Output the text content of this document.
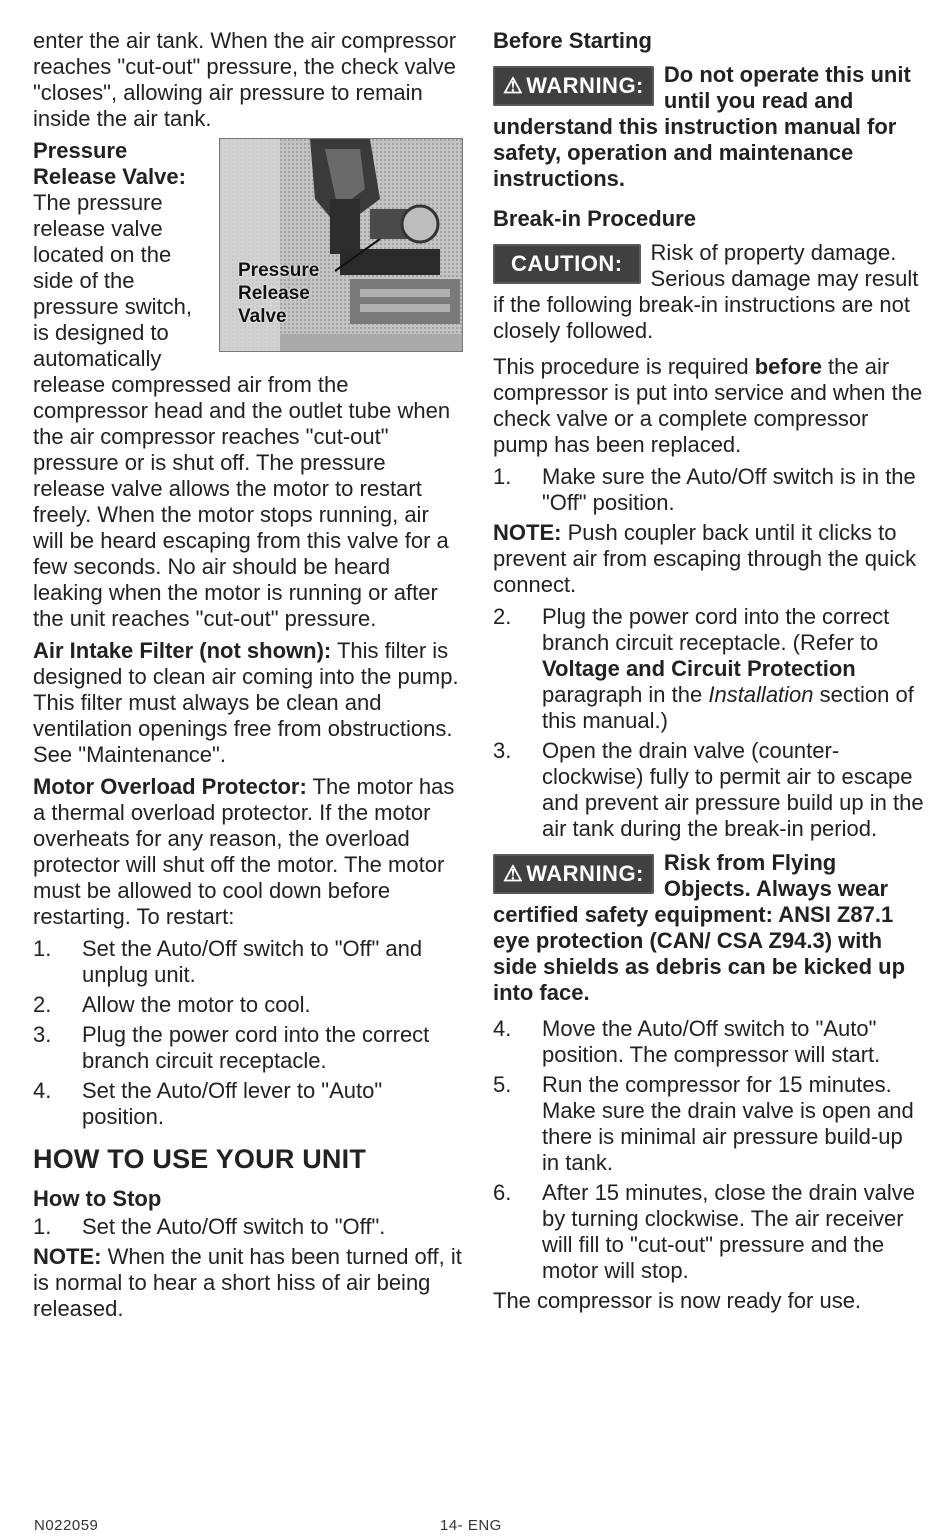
enter the air tank. When the air compressor reaches "cut-out" pressure, the check valve "closes", allowing air pressure to remain inside the air tank.

Pressure
Release
Valve

Pressure Release Valve: The pressure release valve located on the side of the pressure switch, is designed to automatically release compressed air from the compressor head and the outlet tube when the air compressor reaches "cut-out" pressure or is shut off. The pressure release valve allows the motor to restart freely. When the motor stops running, air will be heard escaping from this valve for a few seconds. No air should be heard leaking when the motor is running or after the unit reaches "cut-out" pressure.

Air Intake Filter (not shown): This filter is designed to clean air coming into the pump. This filter must always be clean and ventilation openings free from obstructions. See "Maintenance".

Motor Overload Protector: The motor has a thermal overload protector. If the motor overheats for any reason, the overload protector will shut off the motor. The motor must be allowed to cool down before restarting. To restart:

1. Set the Auto/Off switch to "Off" and unplug unit.
2. Allow the motor to cool.
3. Plug the power cord into the correct branch circuit receptacle.
4. Set the Auto/Off lever to "Auto" position.
HOW TO USE YOUR UNIT
How to Stop
1. Set the Auto/Off switch to "Off".

NOTE: When the unit has been turned off, it is normal to hear a short hiss of air being released.

Before Starting
⚠ WARNING: Do not operate this unit until you read and understand this instruction manual for safety, operation and maintenance instructions.
Break-in Procedure
CAUTION:	Risk of property damage. Serious damage may result if the following break-in instructions are not closely followed.

This procedure is required before the air compressor is put into service and when the check valve or a complete compressor pump has been replaced.

1. Make sure the Auto/Off switch is in the "Off" position.

NOTE: Push coupler back until it clicks to prevent air from escaping through the quick connect.

2. Plug the power cord into the correct branch circuit receptacle. (Refer to Voltage and Circuit Protection paragraph in the Installation section of this manual.)
3. Open the drain valve (counter-clockwise) fully to permit air to escape and prevent air pressure build up in the air tank during the break-in period.
⚠ WARNING: Risk from Flying Objects. Always wear certified safety equipment: ANSI Z87.1 eye protection (CAN/ CSA Z94.3) with side shields as debris can be kicked up into face.
4. Move the Auto/Off switch to "Auto" position. The compressor will start.
5. Run the compressor for 15 minutes. Make sure the drain valve is open and there is minimal air pressure build-up in tank.
6. After 15 minutes, close the drain valve by turning clockwise. The air receiver will fill to "cut-out" pressure and the motor will stop.

The compressor is now ready for use.

N022059	14- ENG
